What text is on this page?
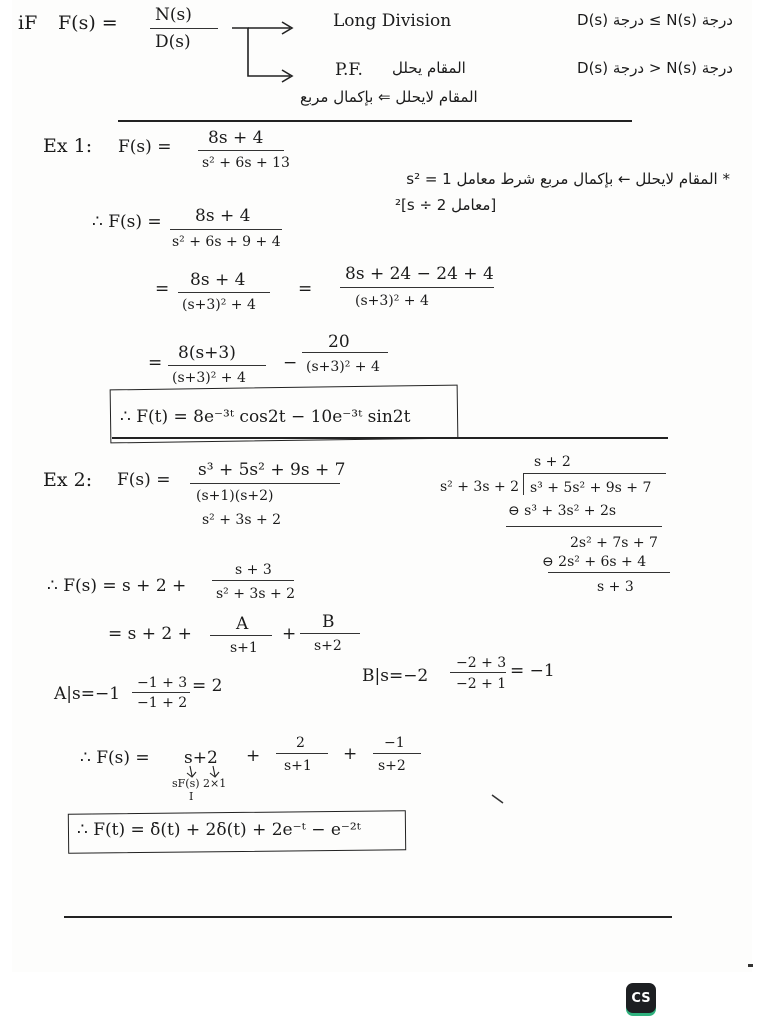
iF F(s) = N(s)
D(s)
Long Division	درجة N(s) ≥ درجة D(s)
P.F. المقام يحلل	درجة N(s) < درجة D(s)
المقام لايحلل ⇐ بإكمال مربع
Ex 1: F(s) = 8s + 4
s² + 6s + 13
* المقام لايحلل ← بإكمال مربع شرط معامل s² = 1
[معامل s ÷ 2]²
∴ F(s) = 8s + 4
s² + 6s + 9 + 4
= 8s + 4
(s+3)² + 4
=
8s + 24 − 24 + 4
(s+3)² + 4
= 8(s+3)
(s+3)² + 4
−
20
(s+3)² + 4
∴ F(t) = 8e⁻³ᵗ cos2t − 10e⁻³ᵗ sin2t
Ex 2: F(s) = s³ + 5s² + 9s + 7
(s+1)(s+2)
s² + 3s + 2
s + 2
s² + 3s + 2 s³ + 5s² + 9s + 7
⊖ s³ + 3s² + 2s
2s² + 7s + 7
⊖ 2s² + 6s + 4
s + 3
∴ F(s) = s + 2 +
s + 3
s² + 3s + 2
= s + 2 +	A
s+1
+
B
s+2
A|s=−1
−1 + 3
−1 + 2
= 2	B|s=−2
−2 + 3
−2 + 1
= −1
∴ F(s) = s+2
sF(s) 2×1
I
+
2
s+1
+
−1
s+2
∴ F(t) = δ̇(t) + 2δ(t) + 2e⁻ᵗ − e⁻²ᵗ
CS
